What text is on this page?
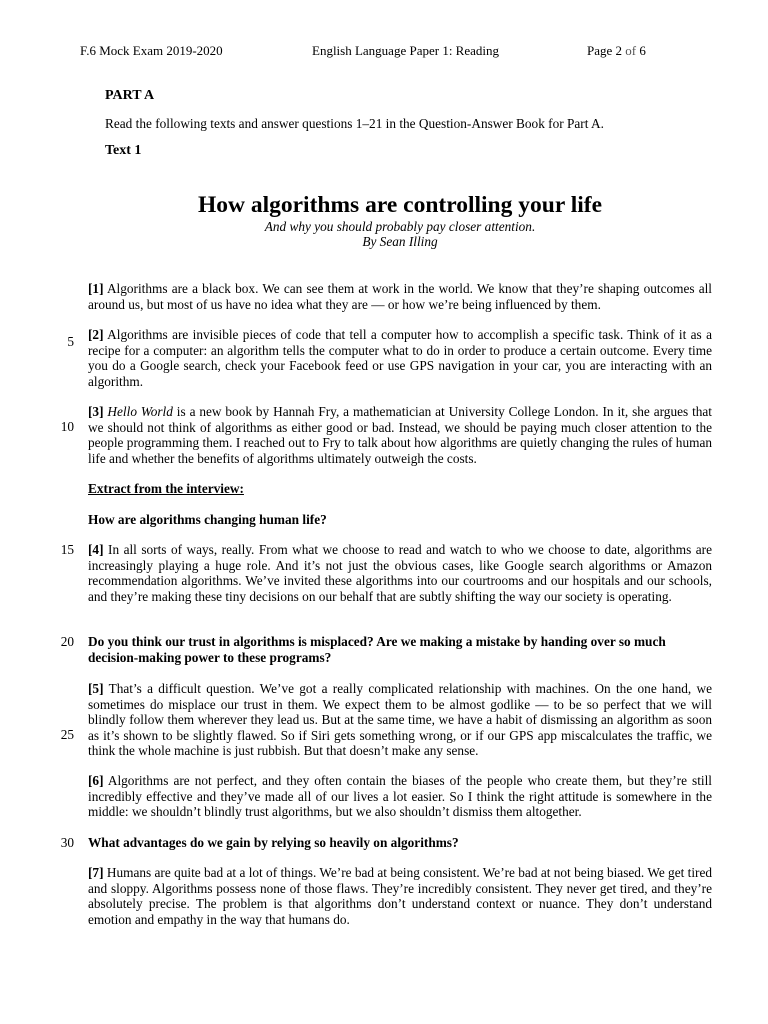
F.6 Mock Exam 2019-2020	English Language Paper 1: Reading	Page 2 of 6
PART A
Read the following texts and answer questions 1–21 in the Question-Answer Book for Part A.
Text 1
How algorithms are controlling your life
And why you should probably pay closer attention.
By Sean Illing
5
10
15
20
25
30
[1] Algorithms are a black box. We can see them at work in the world. We know that they’re shaping outcomes all around us, but most of us have no idea what they are — or how we’re being influenced by them.
[2] Algorithms are invisible pieces of code that tell a computer how to accomplish a specific task. Think of it as a recipe for a computer: an algorithm tells the computer what to do in order to produce a certain outcome. Every time you do a Google search, check your Facebook feed or use GPS navigation in your car, you are interacting with an algorithm.
[3] Hello World is a new book by Hannah Fry, a mathematician at University College London. In it, she argues that we should not think of algorithms as either good or bad. Instead, we should be paying much closer attention to the people programming them. I reached out to Fry to talk about how algorithms are quietly changing the rules of human life and whether the benefits of algorithms ultimately outweigh the costs.
Extract from the interview:
How are algorithms changing human life?
[4] In all sorts of ways, really. From what we choose to read and watch to who we choose to date, algorithms are increasingly playing a huge role. And it’s not just the obvious cases, like Google search algorithms or Amazon recommendation algorithms. We’ve invited these algorithms into our courtrooms and our hospitals and our schools, and they’re making these tiny decisions on our behalf that are subtly shifting the way our society is operating.
Do you think our trust in algorithms is misplaced? Are we making a mistake by handing over so much decision-making power to these programs?
[5] That’s a difficult question. We’ve got a really complicated relationship with machines. On the one hand, we sometimes do misplace our trust in them. We expect them to be almost godlike — to be so perfect that we will blindly follow them wherever they lead us. But at the same time, we have a habit of dismissing an algorithm as soon as it’s shown to be slightly flawed. So if Siri gets something wrong, or if our GPS app miscalculates the traffic, we think the whole machine is just rubbish. But that doesn’t make any sense.
[6] Algorithms are not perfect, and they often contain the biases of the people who create them, but they’re still incredibly effective and they’ve made all of our lives a lot easier. So I think the right attitude is somewhere in the middle: we shouldn’t blindly trust algorithms, but we also shouldn’t dismiss them altogether.
What advantages do we gain by relying so heavily on algorithms?
[7] Humans are quite bad at a lot of things. We’re bad at being consistent. We’re bad at not being biased. We get tired and sloppy. Algorithms possess none of those flaws. They’re incredibly consistent. They never get tired, and they’re absolutely precise. The problem is that algorithms don’t understand context or nuance. They don’t understand emotion and empathy in the way that humans do.
